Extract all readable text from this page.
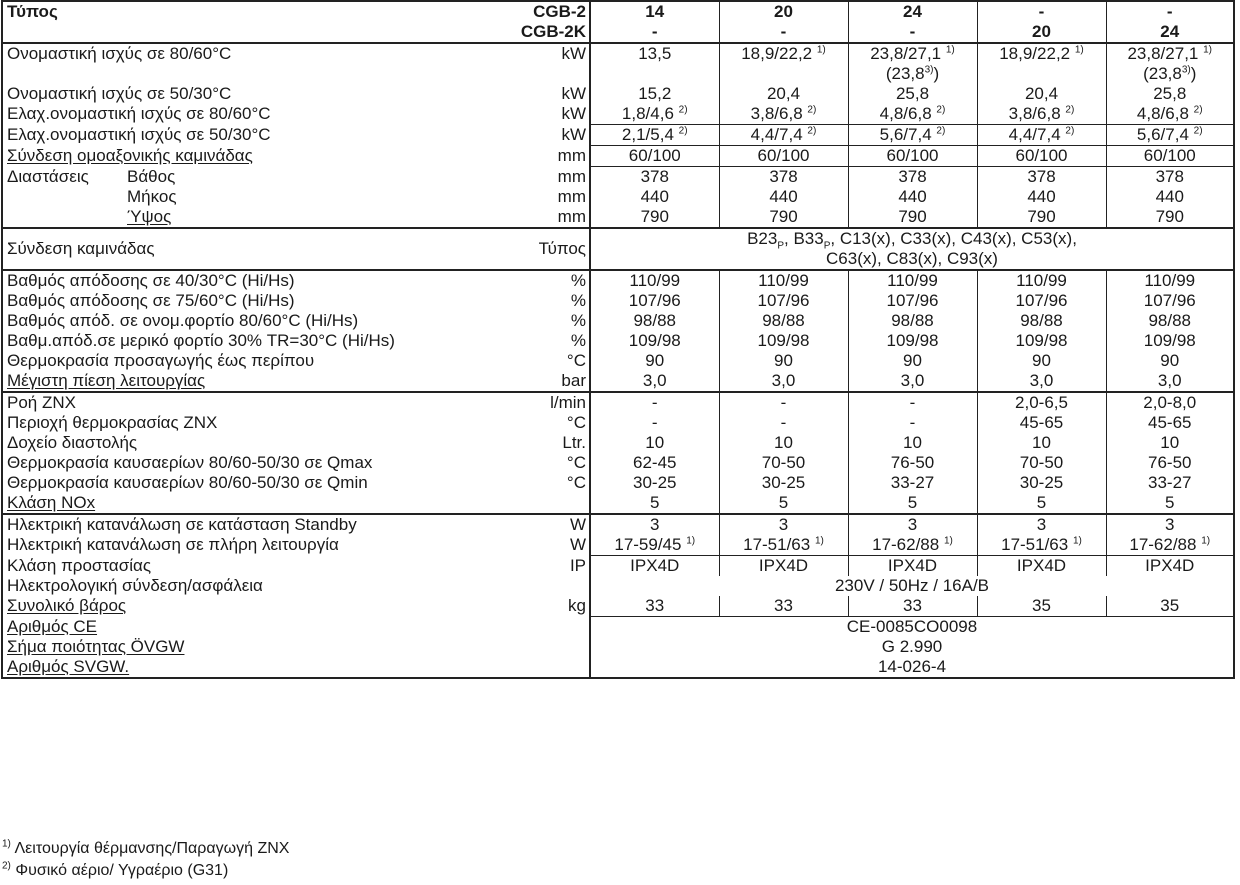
Τύπος	CGB-2	14	20	24	-	-
	CGB-2K	-	-	-	20	24
Ονομαστική ισχύς σε 80/60°C	kW	13,5	18,9/22,2 $^{1)}$	23,8/27,1 $^{1)}$	18,9/22,2 $^{1)}$	23,8/27,1 $^{1)}$
				(23,8$^{3)}$)		(23,8$^{3)}$)
Ονομαστική ισχύς σε 50/30°C	kW	15,2	20,4	25,8	20,4	25,8
Ελαχ.ονομαστική ισχύς σε 80/60°C	kW	1,8/4,6 $^{2)}$	3,8/6,8 $^{2)}$	4,8/6,8 $^{2)}$	3,8/6,8 $^{2)}$	4,8/6,8 $^{2)}$
Ελαχ.ονομαστική ισχύς σε 50/30°C	kW	2,1/5,4 $^{2)}$	4,4/7,4 $^{2)}$	5,6/7,4 $^{2)}$	4,4/7,4 $^{2)}$	5,6/7,4 $^{2)}$
Σύνδεση ομοαξονικής καμινάδας	mm	60/100	60/100	60/100	60/100	60/100
Διαστάσεις Βάθος	mm	378	378	378	378	378
Μήκος	mm	440	440	440	440	440
Ύψος	mm	790	790	790	790	790
Σύνδεση καμινάδας	Τύπος	$B23_P$, $B33_P$, C13(x), C33(x), C43(x), C53(x),
C63(x), C83(x), C93(x)				

Βαθμός απόδοσης σε 40/30°C (Hi/Hs)	%	110/99	110/99	110/99	110/99	110/99
Βαθμός απόδοσης σε 75/60°C (Hi/Hs)	%	107/96	107/96	107/96	107/96	107/96
Βαθμός απόδ. σε ονομ.φορτίο 80/60°C (Hi/Hs)	%	98/88	98/88	98/88	98/88	98/88
Βαθμ.απόδ.σε μερικό φορτίο 30% TR=30°C (Hi/Hs)	%	109/98	109/98	109/98	109/98	109/98
Θερμοκρασία προσαγωγής έως περίπου	°C	90	90	90	90	90
Μέγιστη πίεση λειτουργίας	bar	3,0	3,0	3,0	3,0	3,0
Ροή ΖΝΧ	l/min	-	-	-	2,0-6,5	2,0-8,0
Περιοχή θερμοκρασίας ΖΝΧ	°C	-	-	-	45-65	45-65
Δοχείο διαστολής	Ltr.	10	10	10	10	10
Θερμοκρασία καυσαερίων 80/60-50/30 σε Qmax	°C	62-45	70-50	76-50	70-50	76-50
Θερμοκρασία καυσαερίων 80/60-50/30 σε Qmin	°C	30-25	30-25	33-27	30-25	33-27
Κλάση NOx		5	5	5	5	5
Ηλεκτρική κατανάλωση σε κατάσταση Standby	W	3	3	3	3	3
Ηλεκτρική κατανάλωση σε πλήρη λειτουργία	W	17-59/45 $^{1)}$	17-51/63 $^{1)}$	17-62/88 $^{1)}$	17-51/63 $^{1)}$	17-62/88 $^{1)}$
Κλάση προστασίας	IP	IPX4D	IPX4D	IPX4D	IPX4D	IPX4D
Ηλεκτρολογική σύνδεση/ασφάλεια		230V / 50Hz / 16A/B				
Συνολικό βάρος	kg	33	33	33	35	35
Αριθμός CE		CE-0085CO0098				
Σήμα ποιότητας ÖVGW		G 2.990				
Αριθμός SVGW.		14-026-4				
$^{1)}$ Λειτουργία θέρμανσης/Παραγωγή ΖΝΧ
$^{2)}$ Φυσικό αέριο/ Υγραέριο (G31)
